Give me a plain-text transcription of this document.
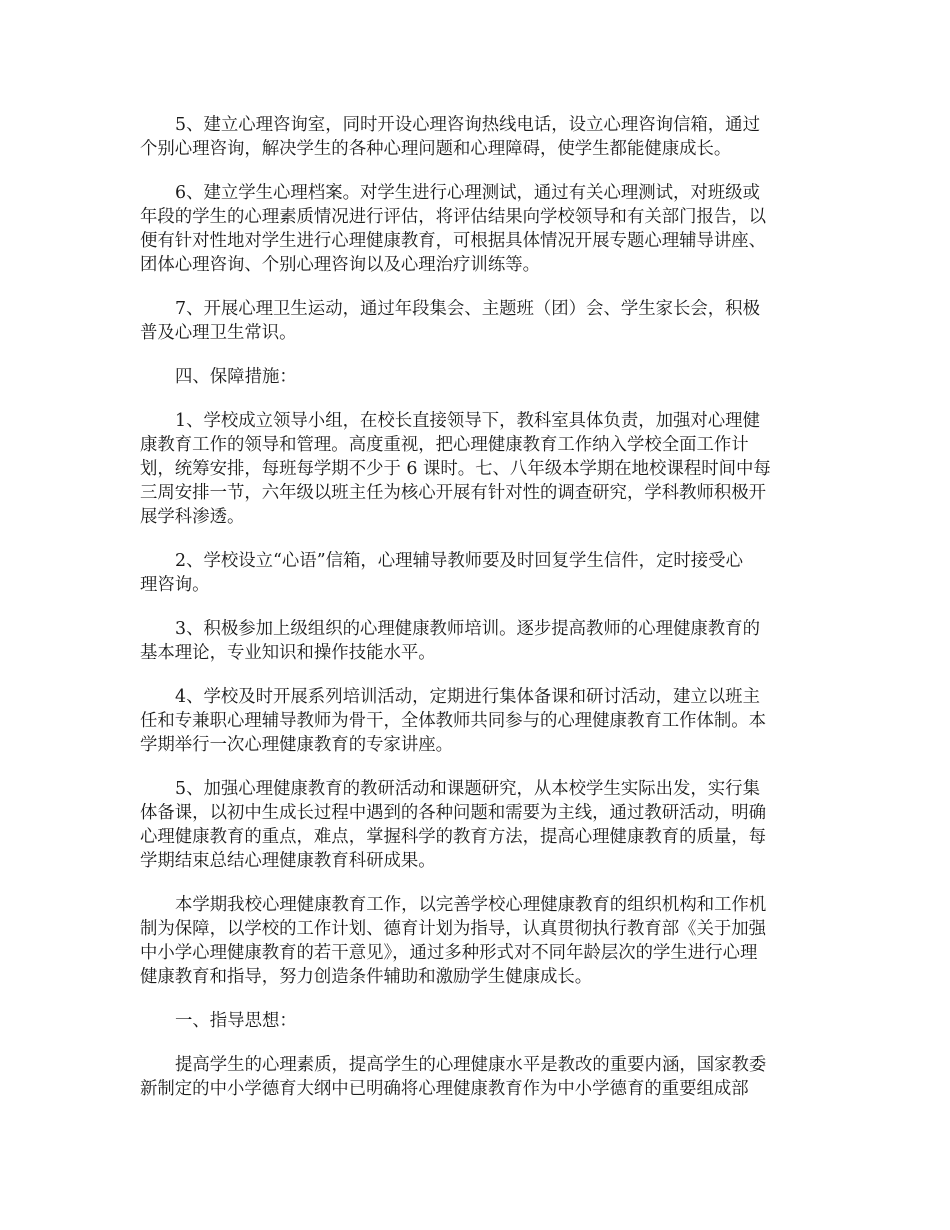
5、建立心理咨询室，同时开设心理咨询热线电话，设立心理咨询信箱，通过
个别心理咨询，解决学生的各种心理问题和心理障碍，使学生都能健康成长。
6、建立学生心理档案。对学生进行心理测试，通过有关心理测试，对班级或
年段的学生的心理素质情况进行评估，将评估结果向学校领导和有关部门报告，以
便有针对性地对学生进行心理健康教育，可根据具体情况开展专题心理辅导讲座、
团体心理咨询、个别心理咨询以及心理治疗训练等。
7、开展心理卫生运动，通过年段集会、主题班（团）会、学生家长会，积极
普及心理卫生常识。
四、保障措施：
1、学校成立领导小组，在校长直接领导下，教科室具体负责，加强对心理健
康教育工作的领导和管理。高度重视，把心理健康教育工作纳入学校全面工作计
划，统筹安排，每班每学期不少于 6 课时。七、八年级本学期在地校课程时间中每
三周安排一节，六年级以班主任为核心开展有针对性的调查研究，学科教师积极开
展学科渗透。
2、学校设立“心语”信箱，心理辅导教师要及时回复学生信件，定时接受心
理咨询。
3、积极参加上级组织的心理健康教师培训。逐步提高教师的心理健康教育的
基本理论，专业知识和操作技能水平。
4、学校及时开展系列培训活动，定期进行集体备课和研讨活动，建立以班主
任和专兼职心理辅导教师为骨干，全体教师共同参与的心理健康教育工作体制。本
学期举行一次心理健康教育的专家讲座。
5、加强心理健康教育的教研活动和课题研究，从本校学生实际出发，实行集
体备课，以初中生成长过程中遇到的各种问题和需要为主线，通过教研活动，明确
心理健康教育的重点，难点，掌握科学的教育方法，提高心理健康教育的质量，每
学期结束总结心理健康教育科研成果。
本学期我校心理健康教育工作，以完善学校心理健康教育的组织机构和工作机
制为保障，以学校的工作计划、德育计划为指导，认真贯彻执行教育部《关于加强
中小学心理健康教育的若干意见》，通过多种形式对不同年龄层次的学生进行心理
健康教育和指导，努力创造条件辅助和激励学生健康成长。
一、指导思想：
提高学生的心理素质，提高学生的心理健康水平是教改的重要内涵，国家教委
新制定的中小学德育大纲中已明确将心理健康教育作为中小学德育的重要组成部
